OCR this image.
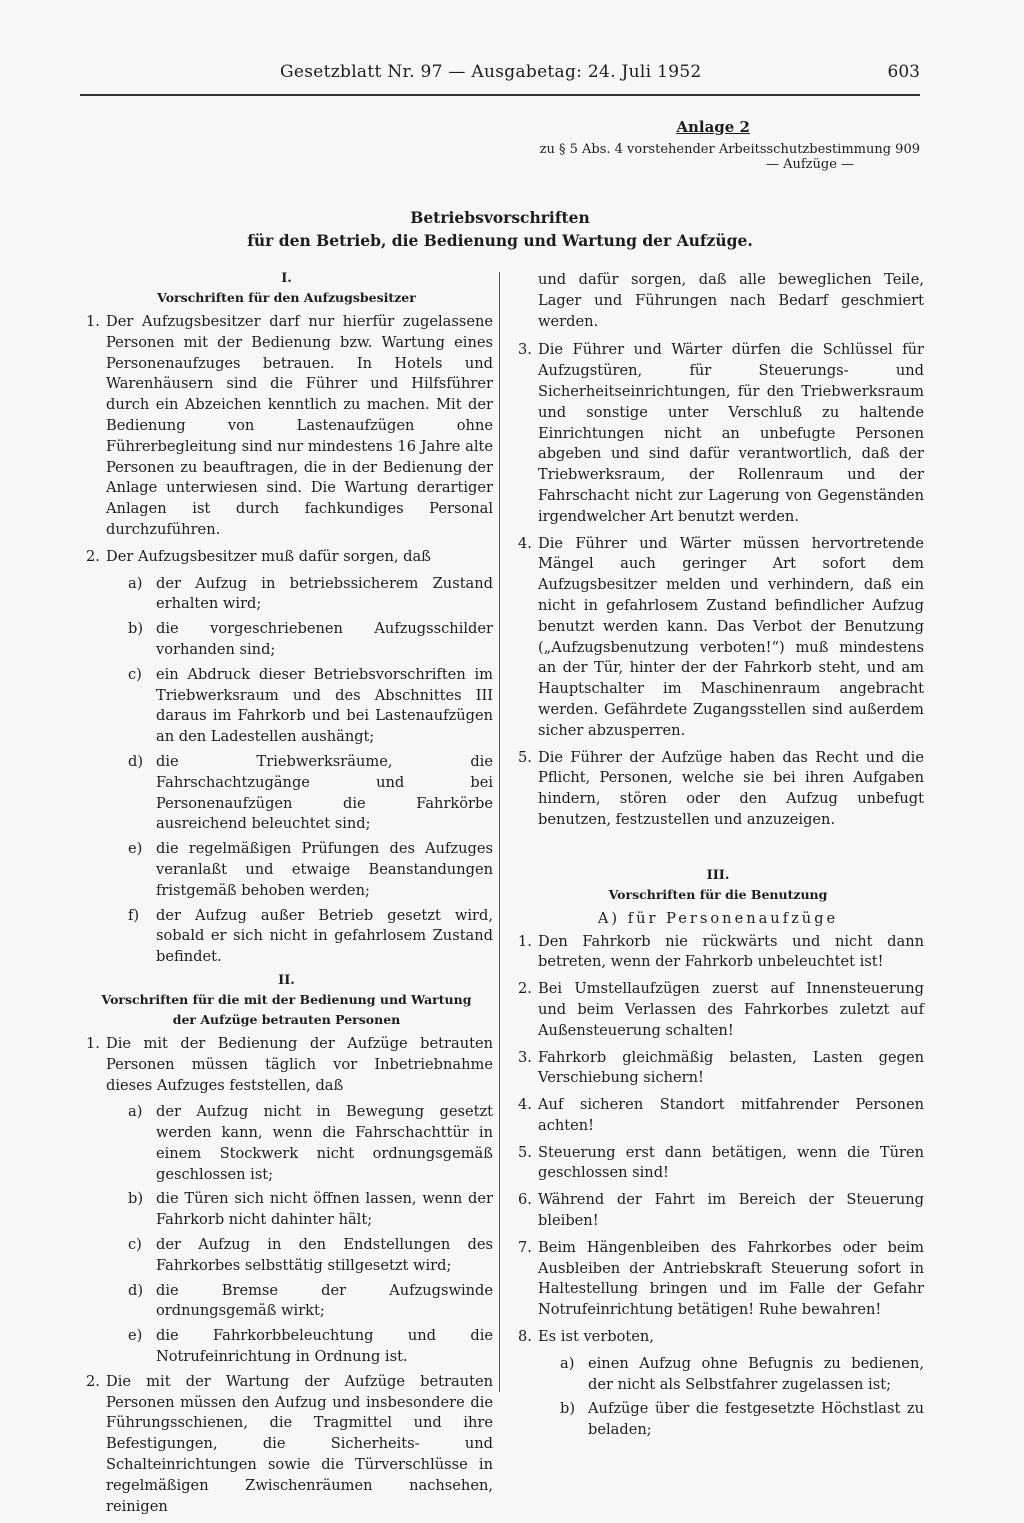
Gesetzblatt Nr. 97 — Ausgabetag: 24. Juli 1952	603
Anlage 2
zu § 5 Abs. 4 vorstehender Arbeitsschutzbestimmung 909
— Aufzüge —
Betriebsvorschriften
für den Betrieb, die Bedienung und Wartung der Aufzüge.
I.
Vorschriften für den Aufzugsbesitzer
1. Der Aufzugsbesitzer darf nur hierfür zugelassene Personen mit der Bedienung bzw. Wartung eines Personenaufzuges betrauen. In Hotels und Warenhäusern sind die Führer und Hilfsführer durch ein Abzeichen kenntlich zu machen. Mit der Bedienung von Lastenaufzügen ohne Führerbegleitung sind nur mindestens 16 Jahre alte Personen zu beauftragen, die in der Bedienung der Anlage unterwiesen sind. Die Wartung derartiger Anlagen ist durch fachkundiges Personal durchzuführen.
2. Der Aufzugsbesitzer muß dafür sorgen, daß
a) der Aufzug in betriebssicherem Zustand erhalten wird;
b) die vorgeschriebenen Aufzugsschilder vorhanden sind;
c) ein Abdruck dieser Betriebsvorschriften im Triebwerksraum und des Abschnittes III daraus im Fahrkorb und bei Lastenaufzügen an den Ladestellen aushängt;
d) die Triebwerksräume, die Fahrschachtzugänge und bei Personenaufzügen die Fahrkörbe ausreichend beleuchtet sind;
e) die regelmäßigen Prüfungen des Aufzuges veranlaßt und etwaige Beanstandungen fristgemäß behoben werden;
f) der Aufzug außer Betrieb gesetzt wird, sobald er sich nicht in gefahrlosem Zustand befindet.
II.
Vorschriften für die mit der Bedienung und Wartung
der Aufzüge betrauten Personen
1. Die mit der Bedienung der Aufzüge betrauten Personen müssen täglich vor Inbetriebnahme dieses Aufzuges feststellen, daß
a) der Aufzug nicht in Bewegung gesetzt werden kann, wenn die Fahrschachttür in einem Stockwerk nicht ordnungsgemäß geschlossen ist;
b) die Türen sich nicht öffnen lassen, wenn der Fahrkorb nicht dahinter hält;
c) der Aufzug in den Endstellungen des Fahrkorbes selbsttätig stillgesetzt wird;
d) die Bremse der Aufzugswinde ordnungsgemäß wirkt;
e) die Fahrkorbbeleuchtung und die Notrufeinrichtung in Ordnung ist.
2. Die mit der Wartung der Aufzüge betrauten Personen müssen den Aufzug und insbesondere die Führungsschienen, die Tragmittel und ihre Befestigungen, die Sicherheits- und Schalteinrichtungen sowie die Türverschlüsse in regelmäßigen Zwischenräumen nachsehen, reinigen
und dafür sorgen, daß alle beweglichen Teile, Lager und Führungen nach Bedarf geschmiert werden.
3. Die Führer und Wärter dürfen die Schlüssel für Aufzugstüren, für Steuerungs- und Sicherheitseinrichtungen, für den Triebwerksraum und sonstige unter Verschluß zu haltende Einrichtungen nicht an unbefugte Personen abgeben und sind dafür verantwortlich, daß der Triebwerksraum, der Rollenraum und der Fahrschacht nicht zur Lagerung von Gegenständen irgendwelcher Art benutzt werden.
4. Die Führer und Wärter müssen hervortretende Mängel auch geringer Art sofort dem Aufzugsbesitzer melden und verhindern, daß ein nicht in gefahrlosem Zustand befindlicher Aufzug benutzt werden kann. Das Verbot der Benutzung („Aufzugsbenutzung verboten!“) muß mindestens an der Tür, hinter der der Fahrkorb steht, und am Hauptschalter im Maschinenraum angebracht werden. Gefährdete Zugangsstellen sind außerdem sicher abzusperren.
5. Die Führer der Aufzüge haben das Recht und die Pflicht, Personen, welche sie bei ihren Aufgaben hindern, stören oder den Aufzug unbefugt benutzen, festzustellen und anzuzeigen.
III.
Vorschriften für die Benutzung
A) für Personenaufzüge
1. Den Fahrkorb nie rückwärts und nicht dann betreten, wenn der Fahrkorb unbeleuchtet ist!
2. Bei Umstellaufzügen zuerst auf Innensteuerung und beim Verlassen des Fahrkorbes zuletzt auf Außensteuerung schalten!
3. Fahrkorb gleichmäßig belasten, Lasten gegen Verschiebung sichern!
4. Auf sicheren Standort mitfahrender Personen achten!
5. Steuerung erst dann betätigen, wenn die Türen geschlossen sind!
6. Während der Fahrt im Bereich der Steuerung bleiben!
7. Beim Hängenbleiben des Fahrkorbes oder beim Ausbleiben der Antriebskraft Steuerung sofort in Haltestellung bringen und im Falle der Gefahr Notrufeinrichtung betätigen! Ruhe bewahren!
8. Es ist verboten,
a) einen Aufzug ohne Befugnis zu bedienen, der nicht als Selbstfahrer zugelassen ist;
b) Aufzüge über die festgesetzte Höchstlast zu beladen;
